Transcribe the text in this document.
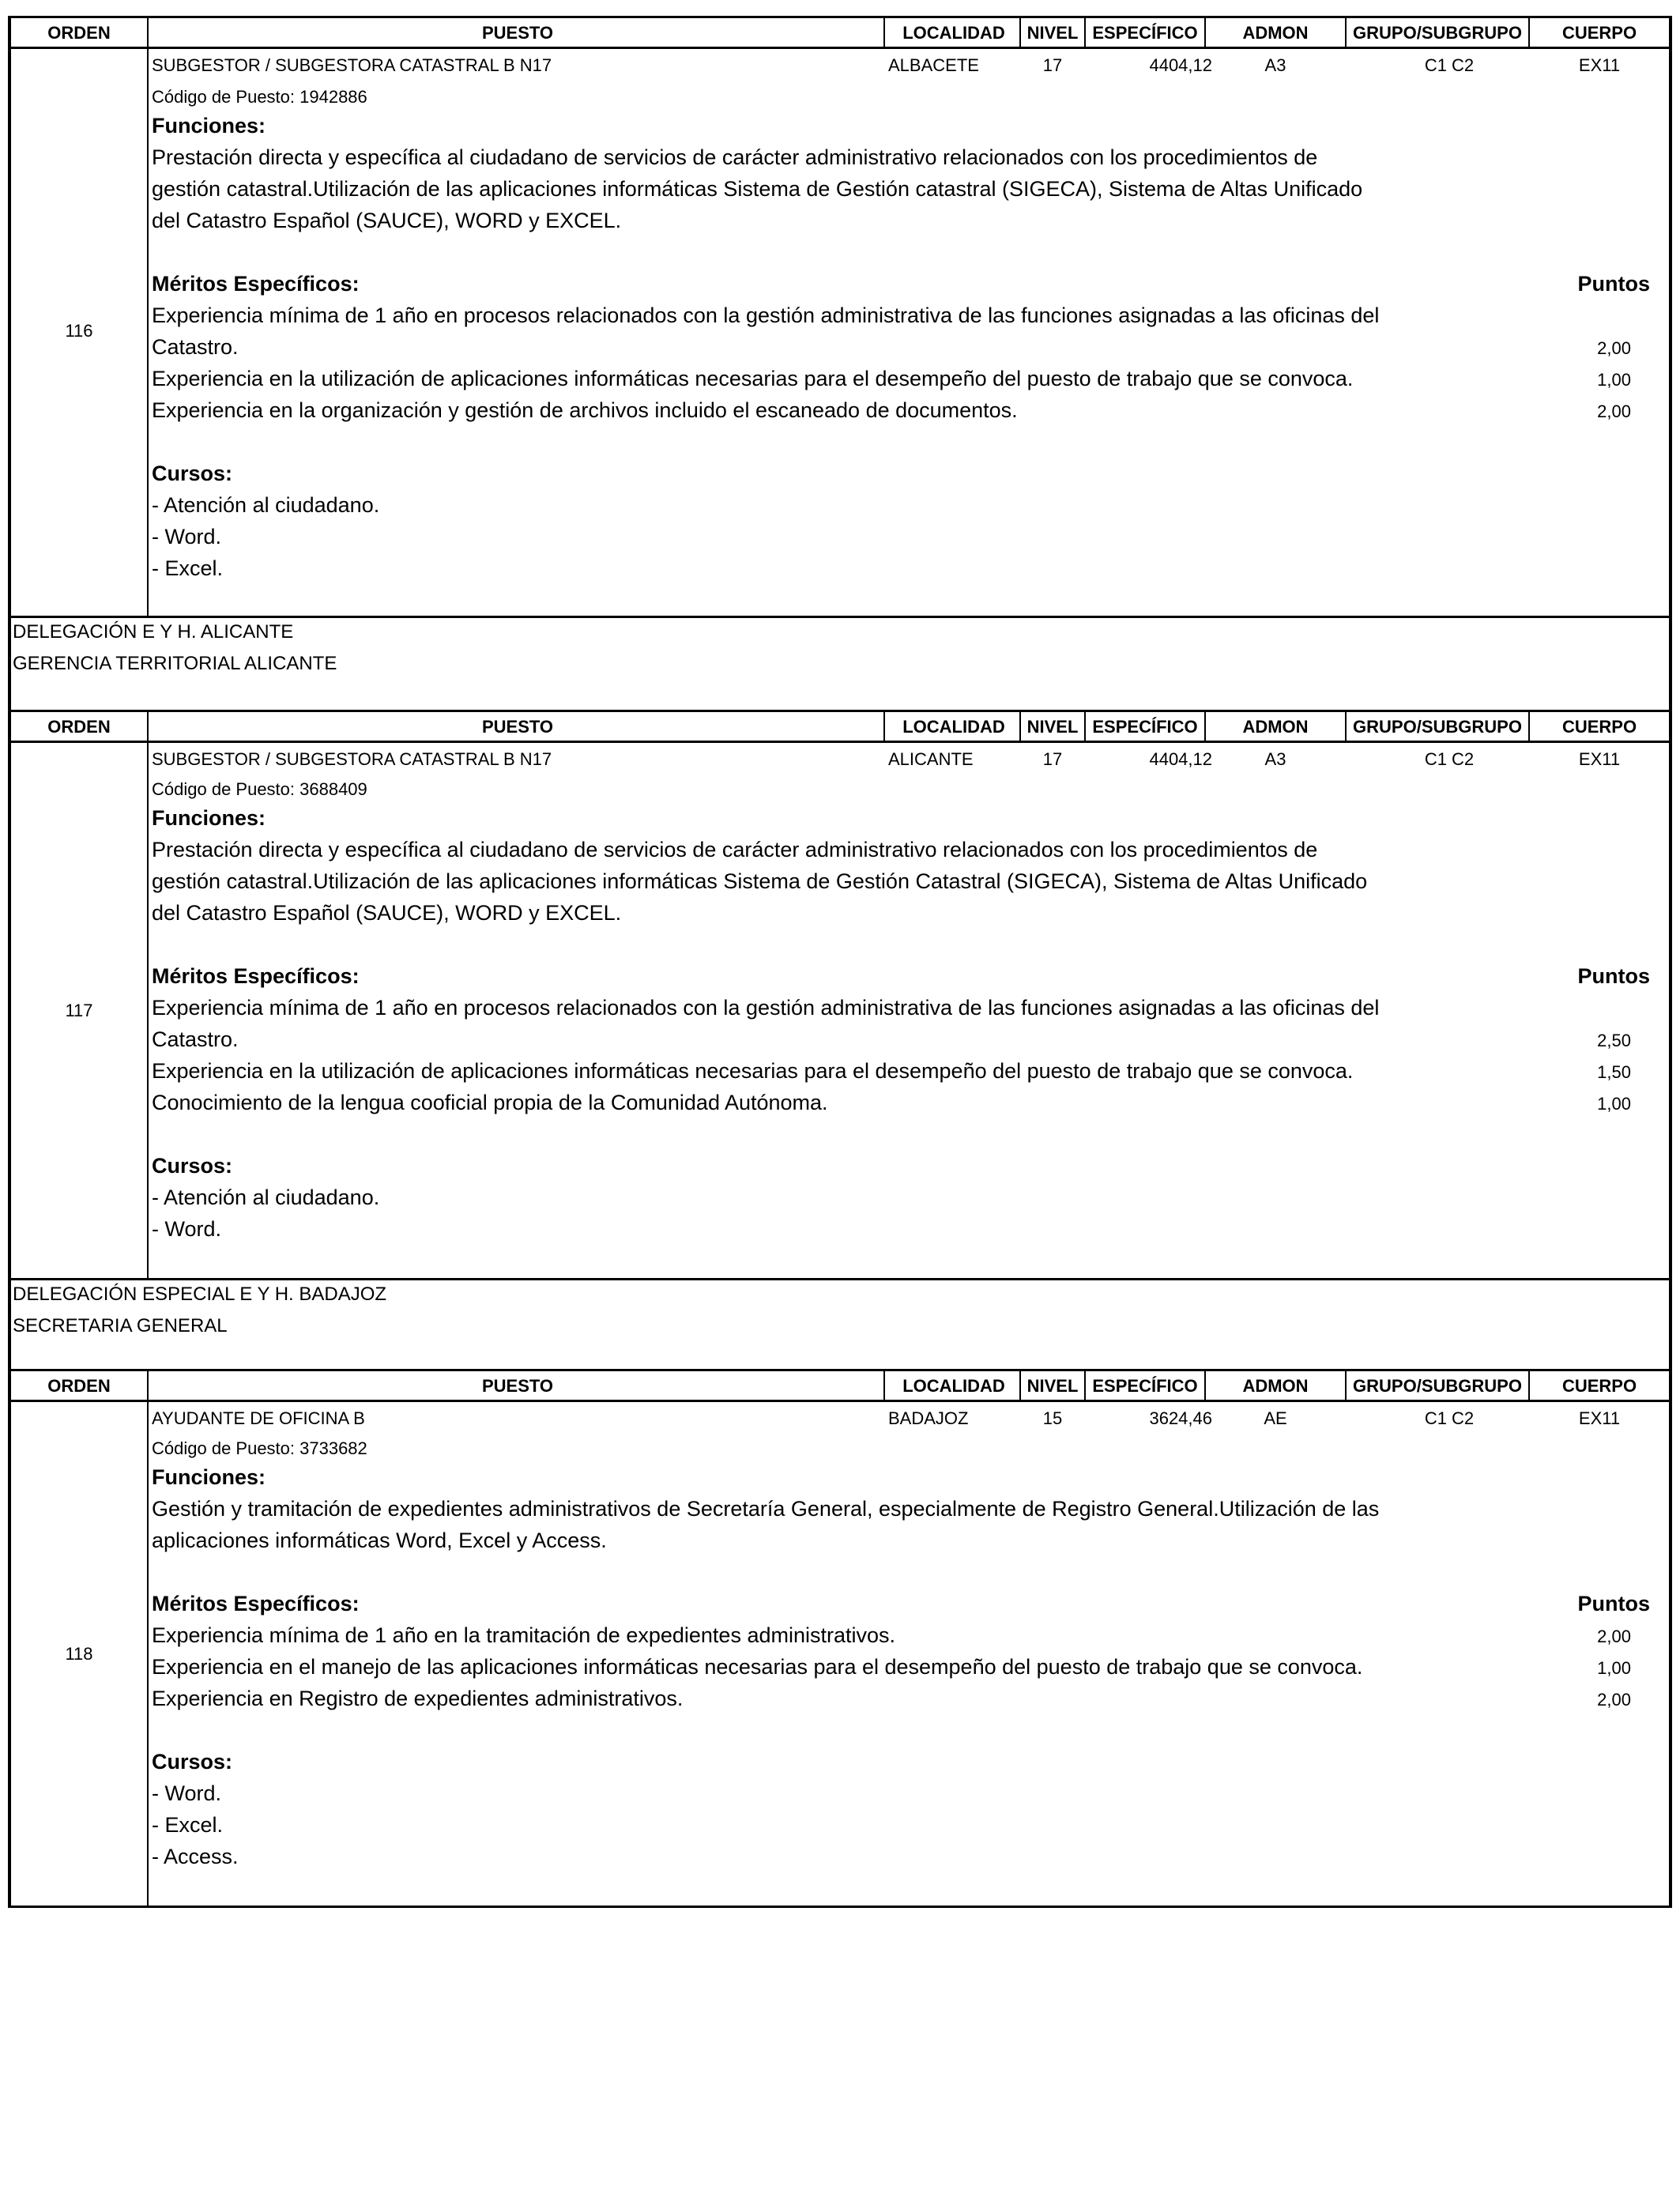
ORDEN	PUESTO	LOCALIDAD	NIVEL ESPECÍFICO	ADMON	GRUPO/SUBGRUPO	CUERPO
116
SUBGESTOR / SUBGESTORA CATASTRAL B N17	ALBACETE	17	4404,12	A3	C1 C2	EX11
Código de Puesto: 1942886
Funciones:
Prestación directa y específica al ciudadano de servicios de carácter administrativo relacionados con los procedimientos de
gestión catastral.Utilización de las aplicaciones informáticas Sistema de Gestión catastral (SIGECA), Sistema de Altas Unificado
del Catastro Español (SAUCE), WORD y EXCEL.
Méritos Específicos:	Puntos
Experiencia mínima de 1 año en procesos relacionados con la gestión administrativa de las funciones asignadas a las oficinas del
Catastro.	2,00
Experiencia en la utilización de aplicaciones informáticas necesarias para el desempeño del puesto de trabajo que se convoca.	1,00
Experiencia en la organización y gestión de archivos incluido el escaneado de documentos.	2,00
Cursos:
- Atención al ciudadano.
- Word.
- Excel.
DELEGACIÓN E Y H. ALICANTE
GERENCIA TERRITORIAL ALICANTE
ORDEN	PUESTO	LOCALIDAD	NIVEL ESPECÍFICO	ADMON	GRUPO/SUBGRUPO	CUERPO
117
SUBGESTOR / SUBGESTORA CATASTRAL B N17	ALICANTE	17	4404,12	A3	C1 C2	EX11
Código de Puesto: 3688409
Funciones:
Prestación directa y específica al ciudadano de servicios de carácter administrativo relacionados con los procedimientos de
gestión catastral.Utilización de las aplicaciones informáticas Sistema de Gestión Catastral (SIGECA), Sistema de Altas Unificado
del Catastro Español (SAUCE), WORD y EXCEL.
Méritos Específicos:	Puntos
Experiencia mínima de 1 año en procesos relacionados con la gestión administrativa de las funciones asignadas a las oficinas del
Catastro.	2,50
Experiencia en la utilización de aplicaciones informáticas necesarias para el desempeño del puesto de trabajo que se convoca.	1,50
Conocimiento de la lengua cooficial propia de la Comunidad Autónoma.	1,00
Cursos:
- Atención al ciudadano.
- Word.
DELEGACIÓN ESPECIAL E Y H. BADAJOZ
SECRETARIA GENERAL
ORDEN	PUESTO	LOCALIDAD	NIVEL ESPECÍFICO	ADMON	GRUPO/SUBGRUPO	CUERPO
118
AYUDANTE DE OFICINA B	BADAJOZ	15	3624,46	AE	C1 C2	EX11
Código de Puesto: 3733682
Funciones:
Gestión y tramitación de expedientes administrativos de Secretaría General, especialmente de Registro General.Utilización de las
aplicaciones informáticas Word, Excel y Access.
Méritos Específicos:	Puntos
Experiencia mínima de 1 año en la tramitación de expedientes administrativos.	2,00
Experiencia en el manejo de las aplicaciones informáticas necesarias para el desempeño del puesto de trabajo que se convoca.	1,00
Experiencia en Registro de expedientes administrativos.	2,00
Cursos:
- Word.
- Excel.
- Access.
